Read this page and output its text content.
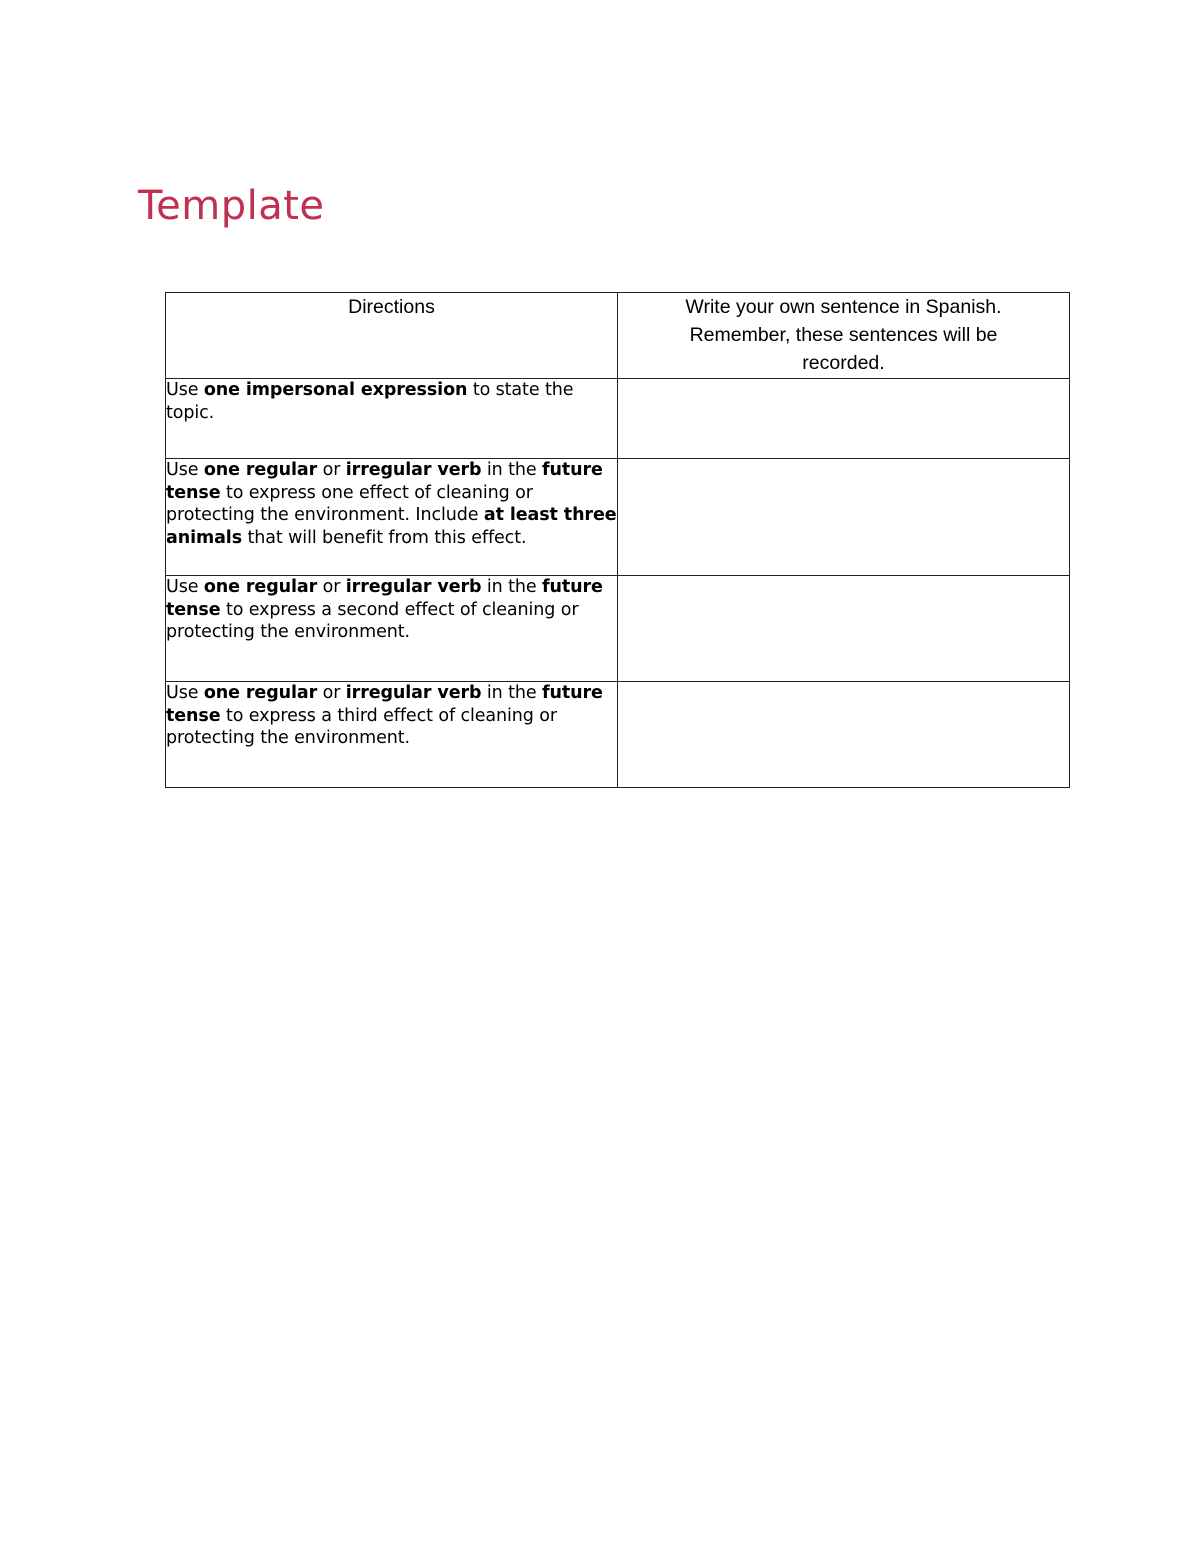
Template
Directions	Write your own sentence in Spanish.
Remember, these sentences will be
recorded.

Use one impersonal expression to state the topic.	
Use one regular or irregular verb in the future tense to express one effect of cleaning or protecting the environment. Include at least three animals that will benefit from this effect.	
Use one regular or irregular verb in the future tense to express a second effect of cleaning or protecting the environment.	
Use one regular or irregular verb in the future tense to express a third effect of cleaning or protecting the environment.	
